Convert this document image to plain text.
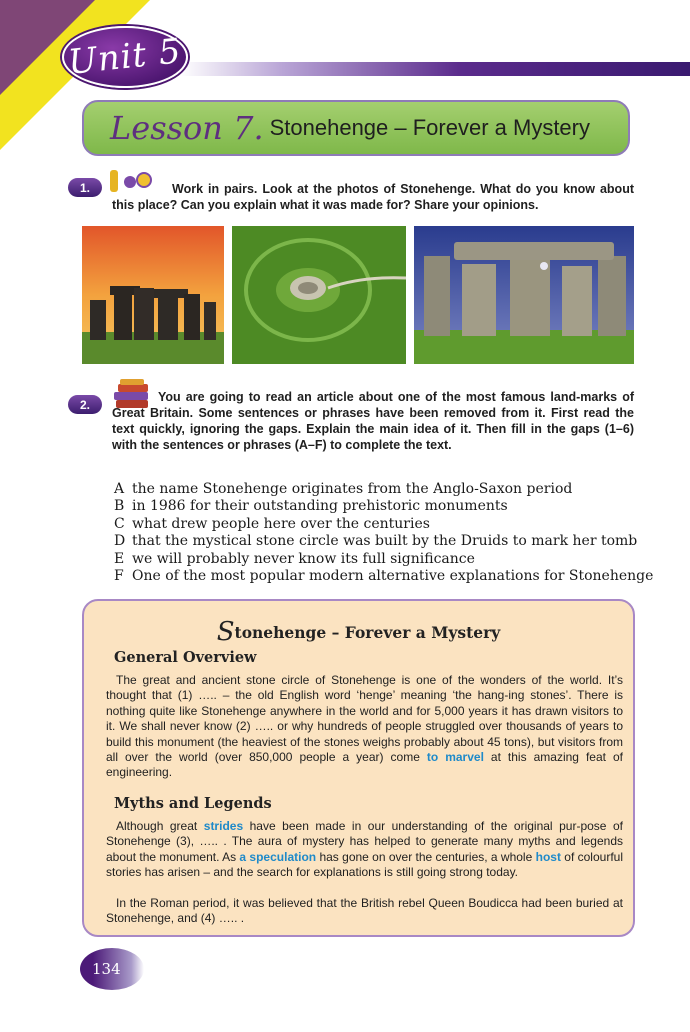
Unit 5
Lesson 7. Stonehenge – Forever a Mystery
1.	Work in pairs. Look at the photos of Stonehenge. What do you know about this place? Can you explain what it was made for? Share your opinions.
2.
You are going to read an article about one of the most famous land-marks of Great Britain. Some sentences or phrases have been removed from it. First read the text quickly, ignoring the gaps. Explain the main idea of it. Then fill in the gaps (1–6) with the sentences or phrases (A–F) to complete the text.
A the name Stonehenge originates from the Anglo-Saxon period
B in 1986 for their outstanding prehistoric monuments
C what drew people here over the centuries
D that the mystical stone circle was built by the Druids to mark her tomb
E we will probably never know its full significance
F One of the most popular modern alternative explanations for Stonehenge
Stonehenge – Forever a Mystery
General Overview
The great and ancient stone circle of Stonehenge is one of the wonders of the world. It’s thought that (1) ….. – the old English word ‘henge’ meaning ‘the hang-ing stones’. There is nothing quite like Stonehenge anywhere in the world and for 5,000 years it has drawn visitors to it. We shall never know (2) ….. or why hundreds of people struggled over thousands of years to build this monument (the heaviest of the stones weighs probably about 45 tons), but visitors from all over the world (over 850,000 people a year) come to marvel at this amazing feat of engineering.
Myths and Legends
Although great strides have been made in our understanding of the original pur-pose of Stonehenge (3), ….. . The aura of mystery has helped to generate many myths and legends about the monument. As a speculation has gone on over the centuries, a whole host of colourful stories has arisen – and the search for explanations is still going strong today.
In the Roman period, it was believed that the British rebel Queen Boudicca had been buried at Stonehenge, and (4) ….. .
134
